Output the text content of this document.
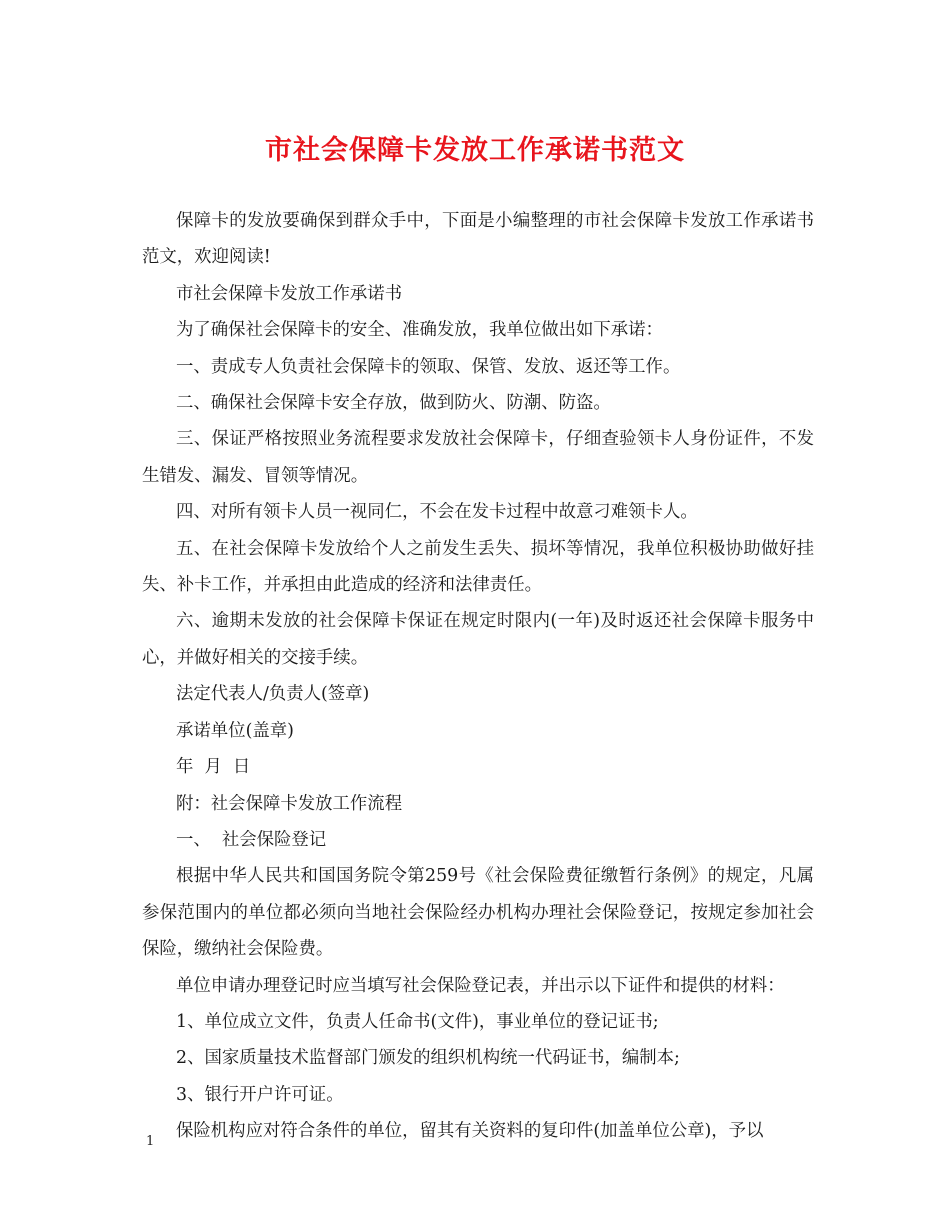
市社会保障卡发放工作承诺书范文

保障卡的发放要确保到群众手中，下面是小编整理的市社会保障卡发放工作承诺书范文，欢迎阅读!

市社会保障卡发放工作承诺书

为了确保社会保障卡的安全、准确发放，我单位做出如下承诺：

一、责成专人负责社会保障卡的领取、保管、发放、返还等工作。

二、确保社会保障卡安全存放，做到防火、防潮、防盗。

三、保证严格按照业务流程要求发放社会保障卡，仔细查验领卡人身份证件，不发生错发、漏发、冒领等情况。

四、对所有领卡人员一视同仁，不会在发卡过程中故意刁难领卡人。

五、在社会保障卡发放给个人之前发生丢失、损坏等情况，我单位积极协助做好挂失、补卡工作，并承担由此造成的经济和法律责任。

六、逾期未发放的社会保障卡保证在规定时限内(一年)及时返还社会保障卡服务中心，并做好相关的交接手续。

法定代表人/负责人(签章)

承诺单位(盖章)

年  月  日

附：社会保障卡发放工作流程

一、  社会保险登记

根据中华人民共和国国务院令第259号《社会保险费征缴暂行条例》的规定，凡属参保范围内的单位都必须向当地社会保险经办机构办理社会保险登记，按规定参加社会保险，缴纳社会保险费。

单位申请办理登记时应当填写社会保险登记表，并出示以下证件和提供的材料：

1、单位成立文件，负责人任命书(文件)，事业单位的登记证书;

2、国家质量技术监督部门颁发的组织机构统一代码证书，编制本;

3、银行开户许可证。

保险机构应对符合条件的单位，留其有关资料的复印件(加盖单位公章)，予以

1
